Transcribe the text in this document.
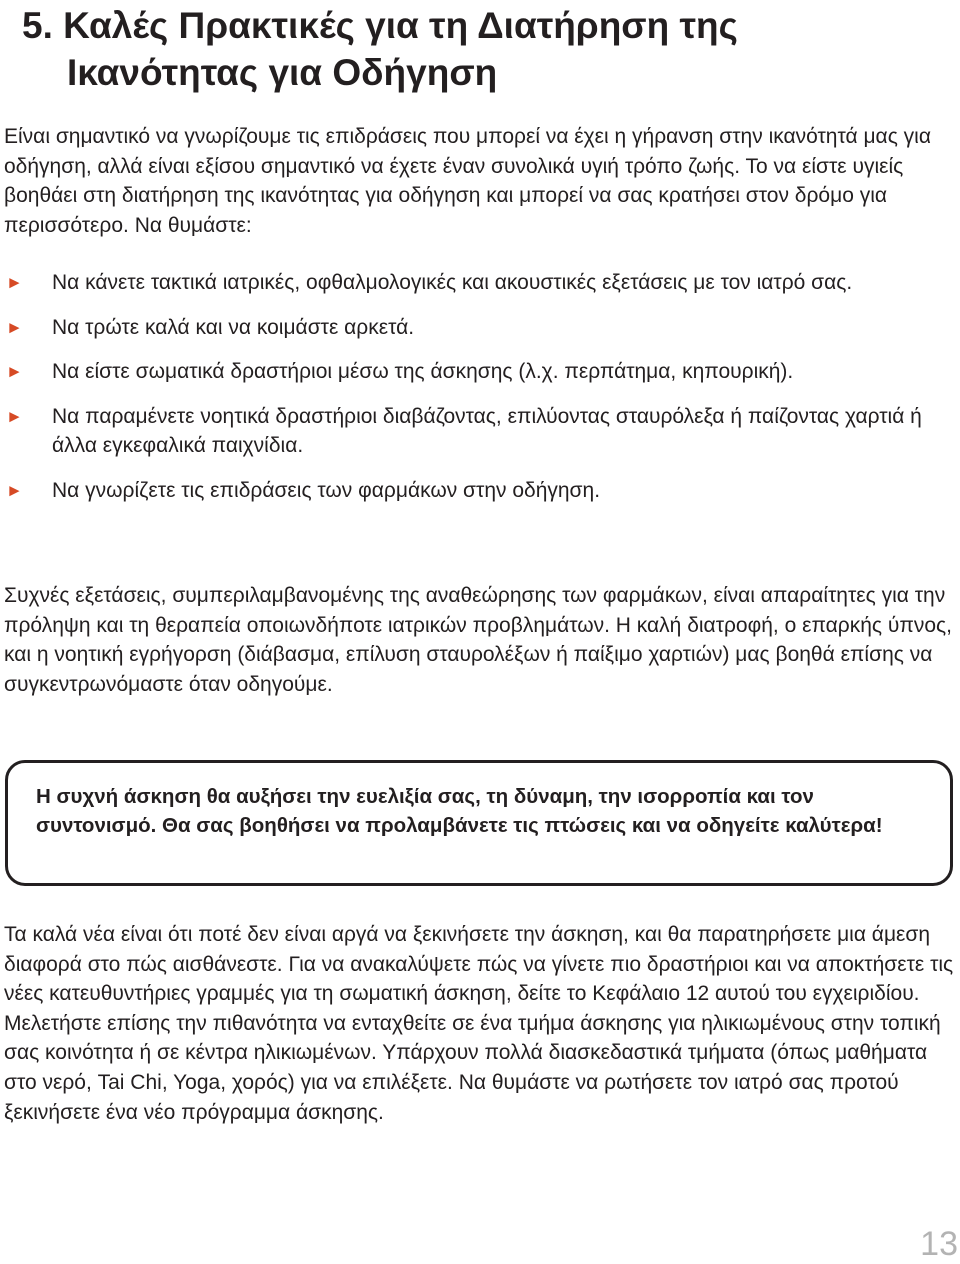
5. Καλές Πρακτικές για τη Διατήρηση της
Ικανότητας για Οδήγηση

Είναι σημαντικό να γνωρίζουμε τις επιδράσεις που μπορεί να έχει η γήρανση στην ικανότητά μας για οδήγηση, αλλά είναι εξίσου σημαντικό να έχετε έναν συνολικά υγιή τρόπο ζωής. Το να είστε υγιείς βοηθάει στη διατήρηση της ικανότητας για οδήγηση και μπορεί να σας κρατήσει στον δρόμο για περισσότερο. Να θυμάστε:

► Να κάνετε τακτικά ιατρικές, οφθαλμολογικές και ακουστικές εξετάσεις με τον ιατρό σας.
► Να τρώτε καλά και να κοιμάστε αρκετά.
► Να είστε σωματικά δραστήριοι μέσω της άσκησης (λ.χ. περπάτημα, κηπουρική).
► Να παραμένετε νοητικά δραστήριοι διαβάζοντας, επιλύοντας σταυρόλεξα ή παίζοντας χαρτιά ή άλλα εγκεφαλικά παιχνίδια.
► Να γνωρίζετε τις επιδράσεις των φαρμάκων στην οδήγηση.

Συχνές εξετάσεις, συμπεριλαμβανομένης της αναθεώρησης των φαρμάκων, είναι απαραίτητες για την πρόληψη και τη θεραπεία οποιωνδήποτε ιατρικών προβλημάτων. Η καλή διατροφή, ο επαρκής ύπνος, και η νοητική εγρήγορση (διάβασμα, επίλυση σταυρολέξων ή παίξιμο χαρτιών) μας βοηθά επίσης να συγκεντρωνόμαστε όταν οδηγούμε.

Η συχνή άσκηση θα αυξήσει την ευελιξία σας, τη δύναμη, την ισορροπία και τον συντονισμό. Θα σας βοηθήσει να προλαμβάνετε τις πτώσεις και να οδηγείτε καλύτερα!

Τα καλά νέα είναι ότι ποτέ δεν είναι αργά να ξεκινήσετε την άσκηση, και θα παρατηρήσετε μια άμεση διαφορά στο πώς αισθάνεστε. Για να ανακαλύψετε πώς να γίνετε πιο δραστήριοι και να αποκτήσετε τις νέες κατευθυντήριες γραμμές για τη σωματική άσκηση, δείτε το Κεφάλαιο 12 αυτού του εγχειριδίου. Μελετήστε επίσης την πιθανότητα να ενταχθείτε σε ένα τμήμα άσκησης για ηλικιωμένους στην τοπική σας κοινότητα ή σε κέντρα ηλικιωμένων. Υπάρχουν πολλά διασκεδαστικά τμήματα (όπως μαθήματα στο νερό, Tai Chi, Yoga, χορός) για να επιλέξετε. Να θυμάστε να ρωτήσετε τον ιατρό σας προτού ξεκινήσετε ένα νέο πρόγραμμα άσκησης.

13
